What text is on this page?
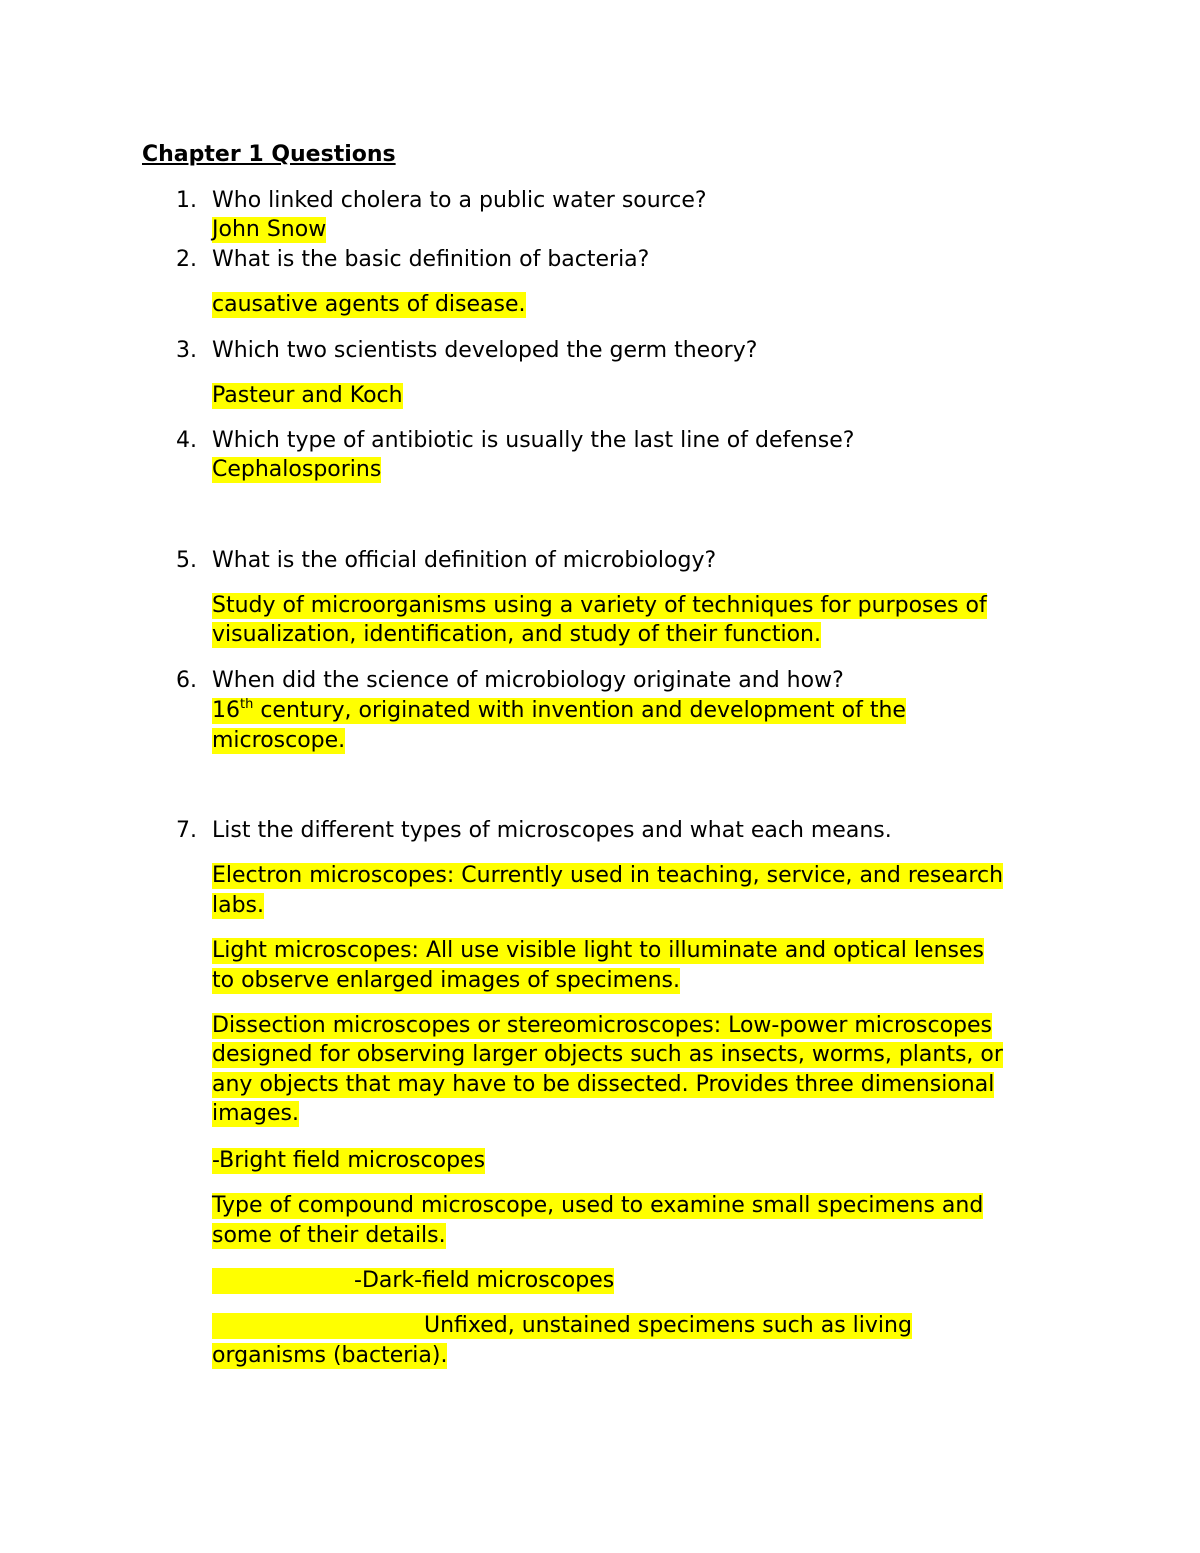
Chapter 1 Questions
1. Who linked cholera to a public water source?
John Snow
2. What is the basic definition of bacteria?
causative agents of disease.
3. Which two scientists developed the germ theory?
Pasteur and Koch
4. Which type of antibiotic is usually the last line of defense?
Cephalosporins
5. What is the official definition of microbiology?
Study of microorganisms using a variety of techniques for purposes of
visualization, identification, and study of their function.
6. When did the science of microbiology originate and how?
16th century, originated with invention and development of the
microscope.
7. List the different types of microscopes and what each means.
Electron microscopes: Currently used in teaching, service, and research
labs.
Light microscopes: All use visible light to illuminate and optical lenses
to observe enlarged images of specimens.
Dissection microscopes or stereomicroscopes: Low-power microscopes
designed for observing larger objects such as insects, worms, plants, or
any objects that may have to be dissected. Provides three dimensional
images.
-Bright field microscopes
Type of compound microscope, used to examine small specimens and
some of their details.
-Dark-field microscopes
Unfixed, unstained specimens such as living
organisms (bacteria).
